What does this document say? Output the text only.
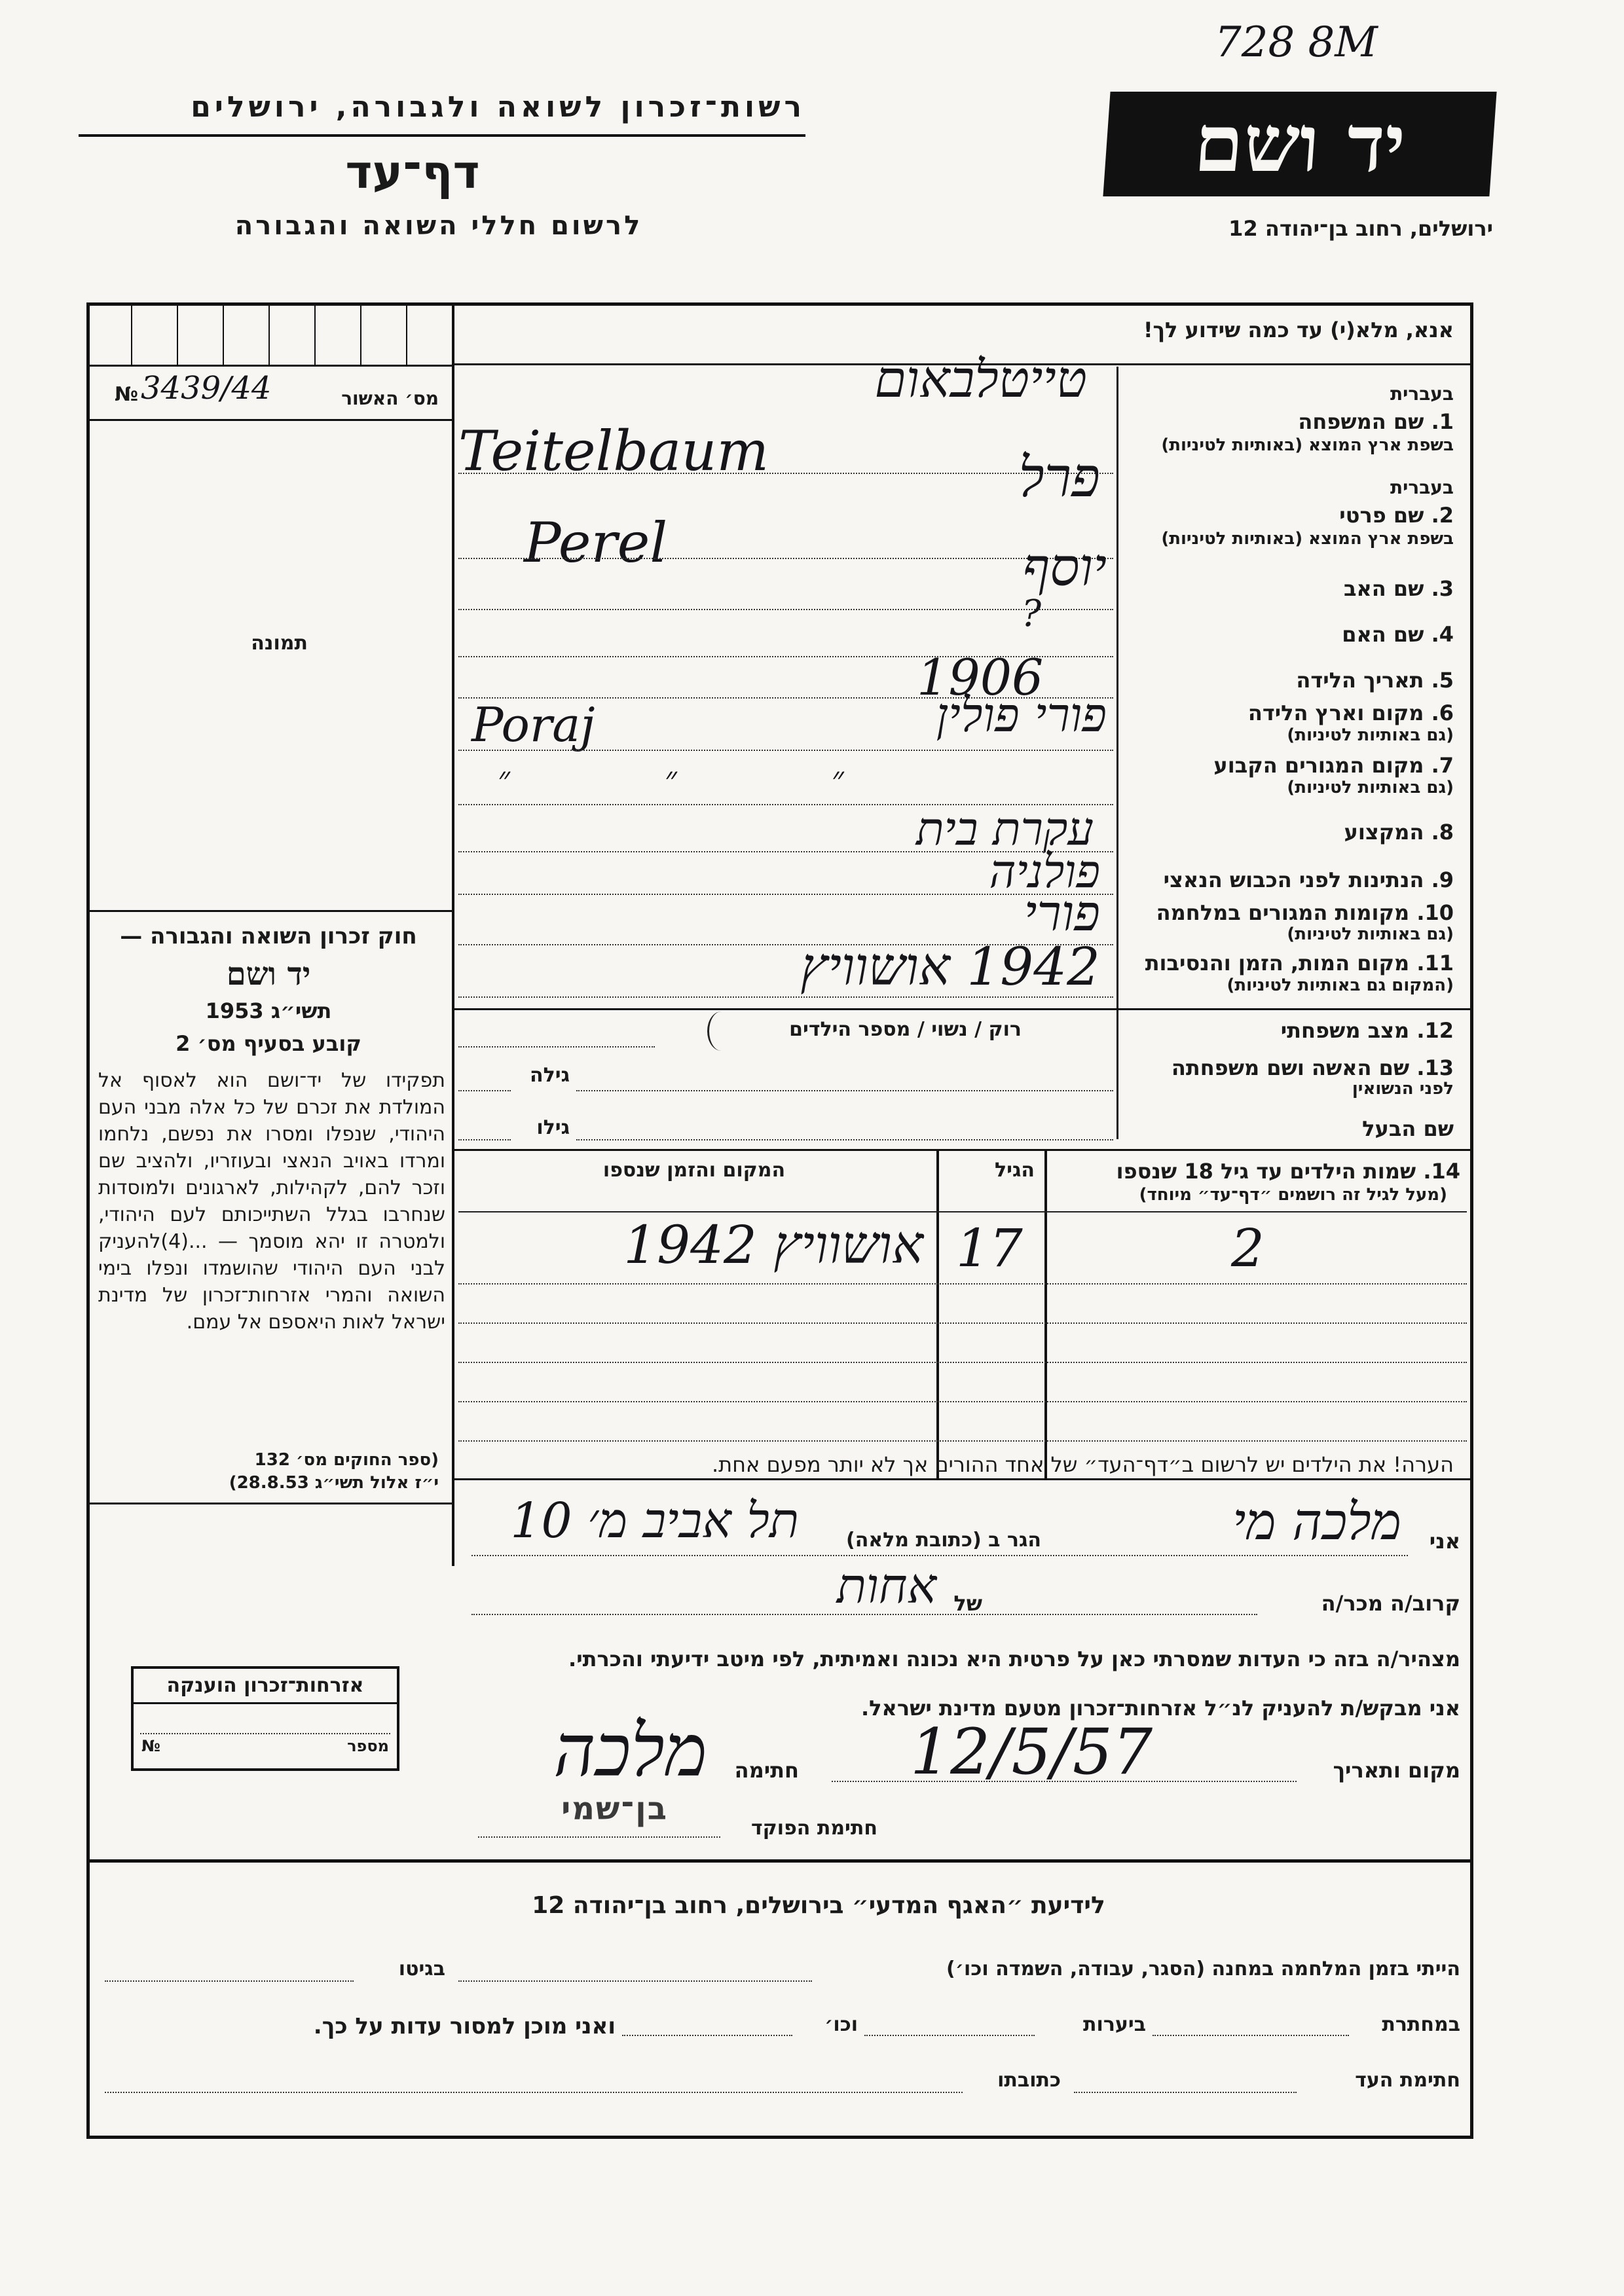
728 8M
רשות־זכרון לשואה ולגבורה, ירושלים
דף־עד
לרשום חללי השואה והגבורה
יד ושם
ירושלים, רחוב בן־יהודה 12
אנא, מלא(י) עד כמה שידוע לך!
№ 3439/44	מס׳ האשור
תמונה
בעברית
1. שם המשפחה
בשפת ארץ המוצא (באותיות לטיניות)
טייטלבאום
Teitelbaum
בעברית
2. שם פרטי
בשפת ארץ המוצא (באותיות לטיניות)
פרל
Perel
3. שם האב
יוסף
4. שם האם
?
5. תאריך הלידה
1906
6. מקום וארץ הלידה
(גם באותיות לטיניות)
פורי פולין
Poraj
7. מקום המגורים הקבוע
(גם באותיות לטיניות)
״ ״ ״
8. המקצוע
עקרת בית
9. הנתינות לפני הכבוש הנאצי
פולניה
10. מקומות המגורים במלחמה
(גם באותיות לטיניות)
פורי
11. מקום המות, הזמן והנסיבות
(המקום גם באותיות לטיניות)
1942 אושוויץ
12. מצב משפחתי
רוק / נשוי / מספר הילדים
13. שם האשה ושם משפחתה
לפני הנשואין
גילה
שם הבעל
גילו
14. שמות הילדים עד גיל 18 שנספו
(מעל לגיל זה רושמים ״דף־עד״ מיוחד)
הגיל
המקום והזמן שנספו
2
17
אושוויץ 1942
חוק זכרון השואה והגבורה —
יד ושם
תשי״ג 1953
קובע בסעיף מס׳ 2
תפקידו של יד־ושם הוא לאסוף אל המולדת את זכרם של כל אלה מבני העם היהודי, שנפלו ומסרו את נפשם, נלחמו ומרדו באויב הנאצי ובעוזריו, ולהציב שם וזכר להם, לקהילות, לארגונים ולמוסדות שנחרבו בגלל השתייכותם לעם היהודי, ולמטרה זו יהא מוסמך — ...(4)להעניק לבני העם היהודי שהושמדו ונפלו בימי השואה והמרי אזרחות־זכרון של מדינת ישראל לאות היאספם אל עמם.
(ספר החוקים מס׳ 132
י״ז אלול תשי״ג 28.8.53)
הערה! את הילדים יש לרשום ב״דף־העד״ של אחד ההורים אך לא יותר מפעם אחת.
אני
מלכה מי
הגר ב (כתובת מלאה)
תל אביב מ׳ 10
קרוב/ה מכר/ה
של
אחות
מצהיר/ה בזה כי העדות שמסרתי כאן על פרטית היא נכונה ואמיתית, לפי מיטב ידיעתי והכרתי.
אני מבקש/ת להעניק לנ״ל אזרחות־זכרון מטעם מדינת ישראל.
מקום ותאריך
12/5/57
חתימה
מלכה
חתימת הפוקד
בן־שמי
אזרחות־זכרון הוענקה
מספר
№
לידיעת ״האגף המדעי״ בירושלים, רחוב בן־יהודה 12
הייתי בזמן המלחמה במחנה (הסגר, עבודה, השמדה וכו׳)
בגיטו
במחתרת
ביערות
וכו׳
ואני מוכן למסור עדות על כך.
חתימת העד
כתובתו
